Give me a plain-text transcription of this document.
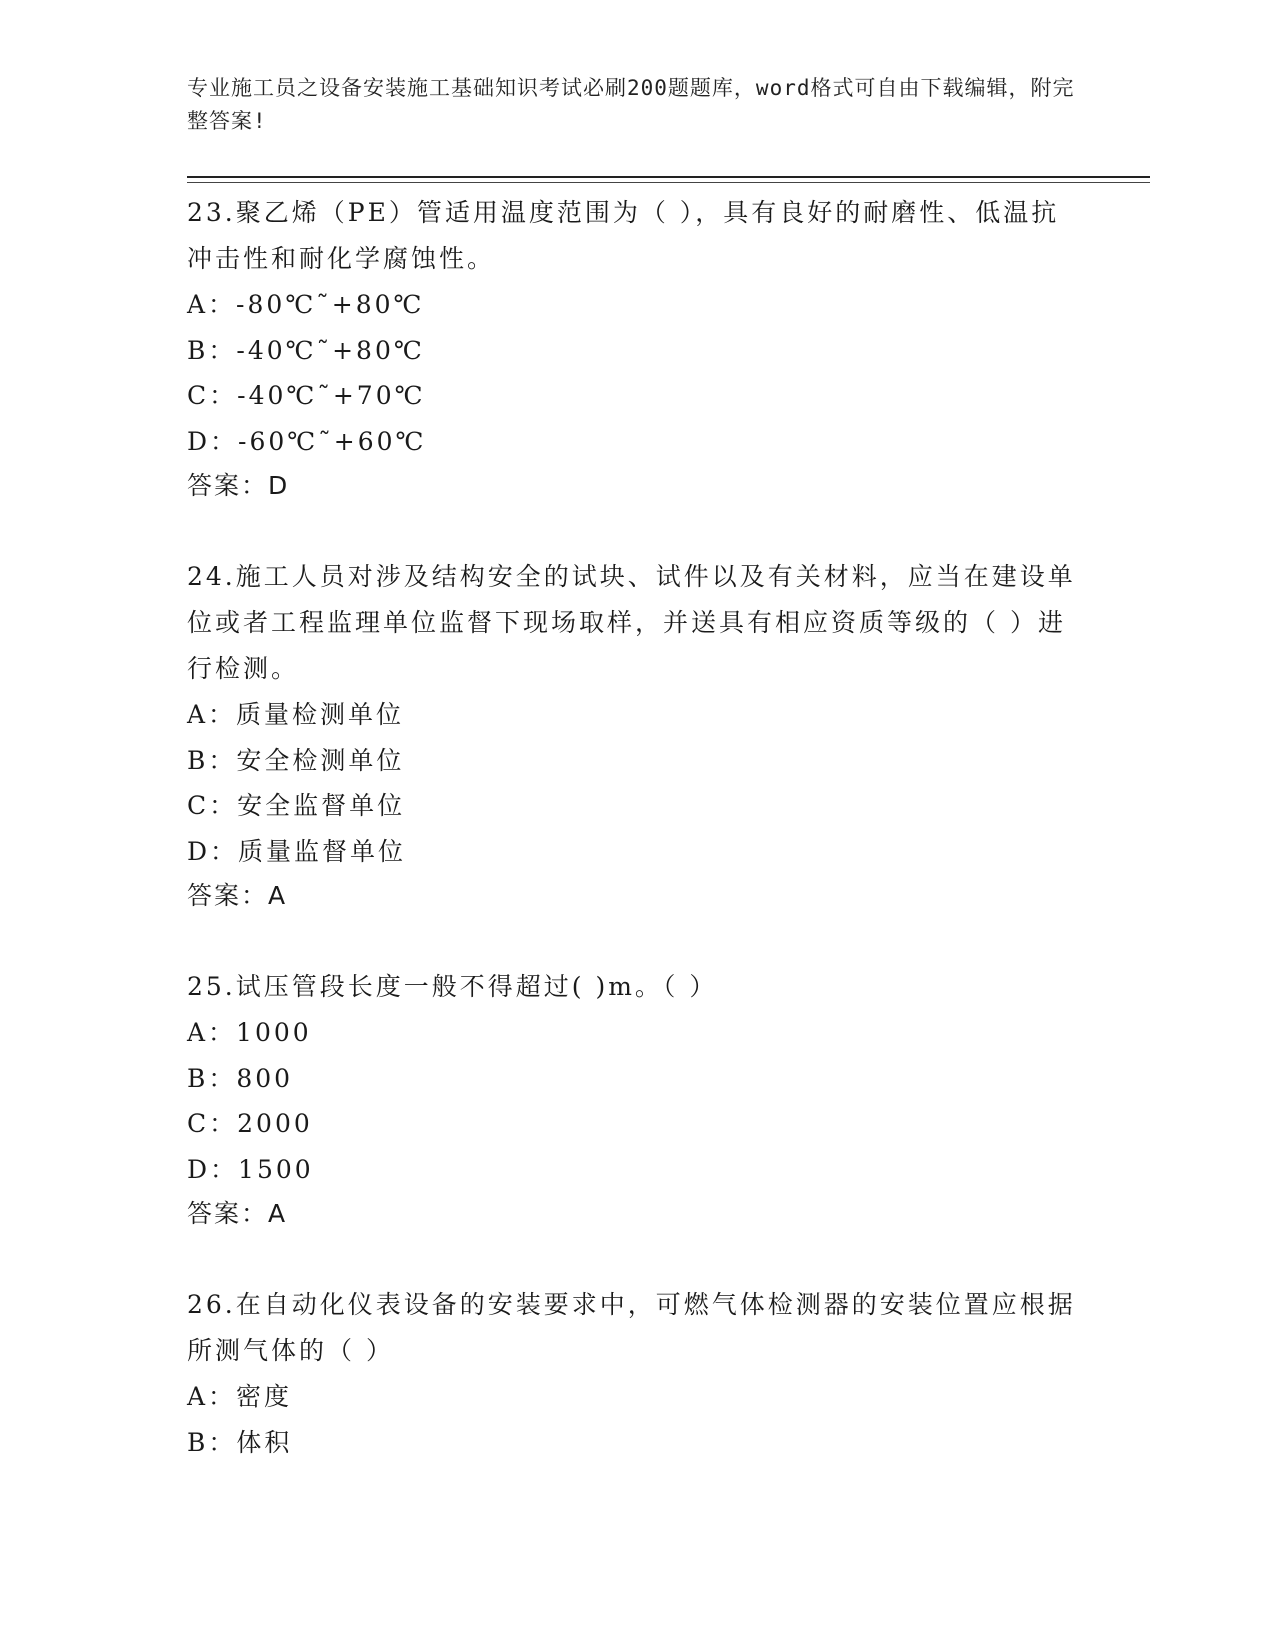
专业施工员之设备安装施工基础知识考试必刷200题题库，word格式可自由下载编辑，附完整答案!

23.聚乙烯（PE）管适用温度范围为（ ），具有良好的耐磨性、低温抗冲击性和耐化学腐蚀性。

A：-80℃˜+80℃

B：-40℃˜+80℃

C：-40℃˜+70℃

D：-60℃˜+60℃

答案：D

24.施工人员对涉及结构安全的试块、试件以及有关材料，应当在建设单位或者工程监理单位监督下现场取样，并送具有相应资质等级的（ ）进行检测。

A：质量检测单位

B：安全检测单位

C：安全监督单位

D：质量监督单位

答案：A

25.试压管段长度一般不得超过( )m。（ ）

A：1000

B：800

C：2000

D：1500

答案：A

26.在自动化仪表设备的安装要求中，可燃气体检测器的安装位置应根据所测气体的（ ）

A：密度

B：体积
